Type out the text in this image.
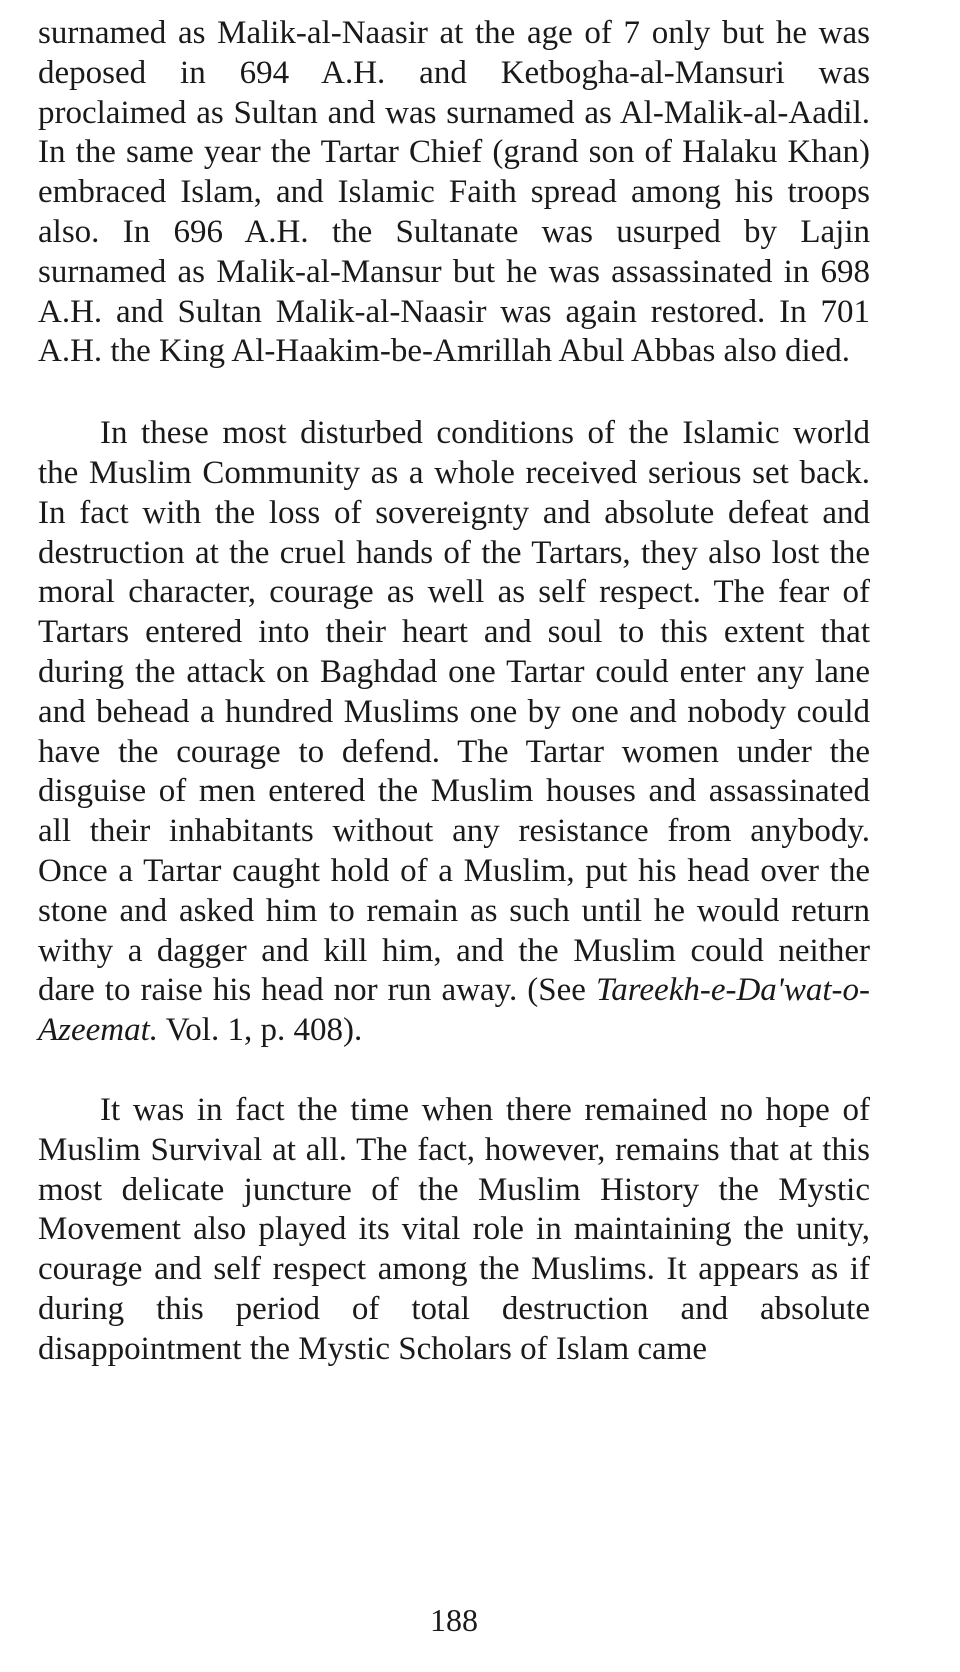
surnamed as Malik-al-Naasir at the age of 7 only but he was deposed in 694 A.H. and Ketbogha-al-Mansuri was proclaimed as Sultan and was surnamed as Al-Malik-al-Aadil. In the same year the Tartar Chief (grand son of Halaku Khan) embraced Islam, and Islamic Faith spread among his troops also. In 696 A.H. the Sultanate was usurped by Lajin surnamed as Malik-al-Mansur but he was assassinated in 698 A.H. and Sultan Malik-al-Naasir was again restored. In 701 A.H. the King Al-Haakim-be-Amrillah Abul Abbas also died.

In these most disturbed conditions of the Islamic world the Muslim Community as a whole received serious set back. In fact with the loss of sovereignty and absolute defeat and destruction at the cruel hands of the Tartars, they also lost the moral character, courage as well as self respect. The fear of Tartars entered into their heart and soul to this extent that during the attack on Baghdad one Tartar could enter any lane and behead a hundred Muslims one by one and nobody could have the courage to defend. The Tartar women under the disguise of men entered the Muslim houses and assassinated all their inhabitants without any resistance from anybody. Once a Tartar caught hold of a Muslim, put his head over the stone and asked him to remain as such until he would return withy a dagger and kill him, and the Muslim could neither dare to raise his head nor run away. (See Tareekh-e-Da'wat-o-Azeemat. Vol. 1, p. 408).

It was in fact the time when there remained no hope of Muslim Survival at all. The fact, however, remains that at this most delicate juncture of the Muslim History the Mystic Movement also played its vital role in maintaining the unity, courage and self respect among the Muslims. It appears as if during this period of total destruction and absolute disappointment the Mystic Scholars of Islam came

188
